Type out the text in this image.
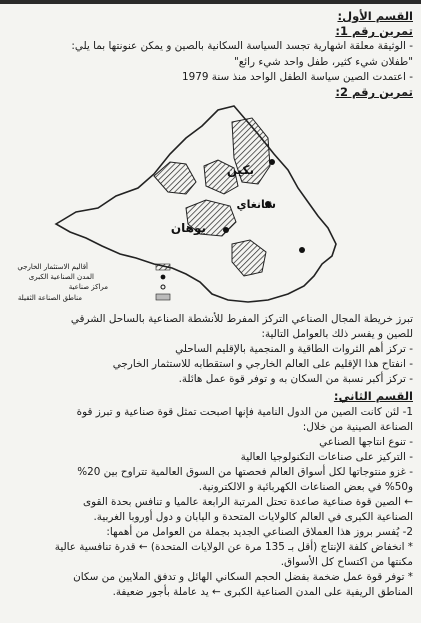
القسم الأول:
تمرين رقم 1:
- الوثيقة معلقة اشهارية تجسد السياسة السكانية بالصين و يمكن عنونتها بما يلي:
"طفلان شيء كثير، طفل واحد شيء رائع"
- اعتمدت الصين سياسة الطفل الواحد منذ سنة 1979
تمرين رقم 2:
بكين
شانغاي
يوهان
أقاليم الاستثمار الخارجي
المدن الصناعية الكبرى
مراكز صناعية
مناطق الصناعة الثقيلة
تبرز خريطة المجال الصناعي التركز المفرط للأنشطة الصناعية بالساحل الشرقي
للصين و يفسر ذلك بالعوامل التالية:
- تركز أهم الثروات الطاقية و المنجمية بالإقليم الساحلي
- انفتاح هذا الإقليم على العالم الخارجي و استقطابه للاستثمار الخارجي
- تركز أكبر نسبة من السكان به و توفر قوة عمل هائلة.
القسم الثاني:
1- لئن كانت الصين من الدول النامية فإنها اصبحت تمثل قوة صناعية و تبرز قوة
الصناعة الصينية من خلال:
- تنوع انتاجها الصناعي
- التركيز على صناعات التكنولوجيا العالية
- غزو منتوجاتها لكل أسواق العالم فحصتها من السوق العالمية تتراوح بين 20%
و50% في بعض الصناعات الكهربائية و الالكترونية.
← الصين قوة صناعية صاعدة تحتل المرتبة الرابعة عالميا و تنافس بحدة القوى
الصناعية الكبرى في العالم كالولايات المتحدة و اليابان و دول أوروبا الغربية.
2- يُفسر بروز هذا العملاق الصناعي الجديد بجملة من العوامل من أهمها:
* انخفاض كلفة الإنتاج (أقل بـ 135 مرة عن الولايات المتحدة) ← قدرة تنافسية عالية
مكنتها من اكتساح كل الأسواق.
* توفر قوة عمل ضخمة بفضل الحجم السكاني الهائل و تدفق الملايين من سكان
المناطق الريفية على المدن الصناعية الكبرى ← يد عاملة بأجور ضعيفة.
